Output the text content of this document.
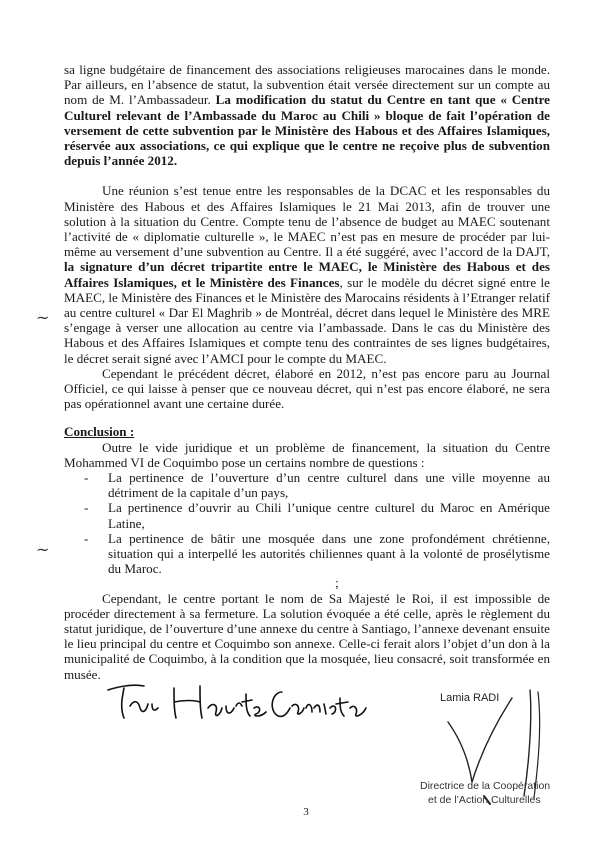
sa ligne budgétaire de financement des associations religieuses marocaines dans le monde. Par ailleurs, en l’absence de statut, la subvention était versée directement sur un compte au nom de M. l’Ambassadeur. La modification du statut du Centre en tant que « Centre Culturel relevant de l’Ambassade du Maroc au Chili » bloque de fait l’opération de versement de cette subvention par le Ministère des Habous et des Affaires Islamiques, réservée aux associations, ce qui explique que le centre ne reçoive plus de subvention depuis l’année 2012.

Une réunion s’est tenue entre les responsables de la DCAC et les responsables du Ministère des Habous et des Affaires Islamiques le 21 Mai 2013, afin de trouver une solution à la situation du Centre. Compte tenu de l’absence de budget au MAEC soutenant l’activité de « diplomatie culturelle », le MAEC n’est pas en mesure de procéder par lui-même au versement d’une subvention au Centre. Il a été suggéré, avec l’accord de la DAJT, la signature d’un décret tripartite entre le MAEC, le Ministère des Habous et des Affaires Islamiques, et le Ministère des Finances, sur le modèle du décret signé entre le MAEC, le Ministère des Finances et le Ministère des Marocains résidents à l’Etranger relatif au centre culturel « Dar El Maghrib » de Montréal, décret dans lequel le Ministère des MRE s’engage à verser une allocation au centre via l’ambassade. Dans le cas du Ministère des Habous et des Affaires Islamiques et compte tenu des contraintes de ses lignes budgétaires, le décret serait signé avec l’AMCI pour le compte du MAEC.

Cependant le précédent décret, élaboré en 2012, n’est pas encore paru au Journal Officiel, ce qui laisse à penser que ce nouveau décret, qui n’est pas encore élaboré, ne sera pas opérationnel avant une certaine durée.

Conclusion :

Outre le vide juridique et un problème de financement, la situation du Centre Mohammed VI de Coquimbo pose un certains nombre de questions :

- La pertinence de l’ouverture d’un centre culturel dans une ville moyenne au détriment de la capitale d’un pays,
- La pertinence d’ouvrir au Chili l’unique centre culturel du Maroc en Amérique Latine,
- La pertinence de bâtir une mosquée dans une zone profondément chrétienne, situation qui a interpellé les autorités chiliennes quant à la volonté de prosélytisme du Maroc.

;

Cependant, le centre portant le nom de Sa Majesté le Roi, il est impossible de procéder directement à sa fermeture. La solution évoquée a été celle, après le règlement du statut juridique, de l’ouverture d’une annexe du centre à Santiago, l’annexe devenant ensuite le lieu principal du centre et Coquimbo son annexe. Celle-ci ferait alors l’objet d’un don à la municipalité de Coquimbo, à la condition que la mosquée, lieu consacré, soit transformée en musée.

~
~
Lamia RADI
Directrice de la Coopération
et de l’Action Culturelles
3
